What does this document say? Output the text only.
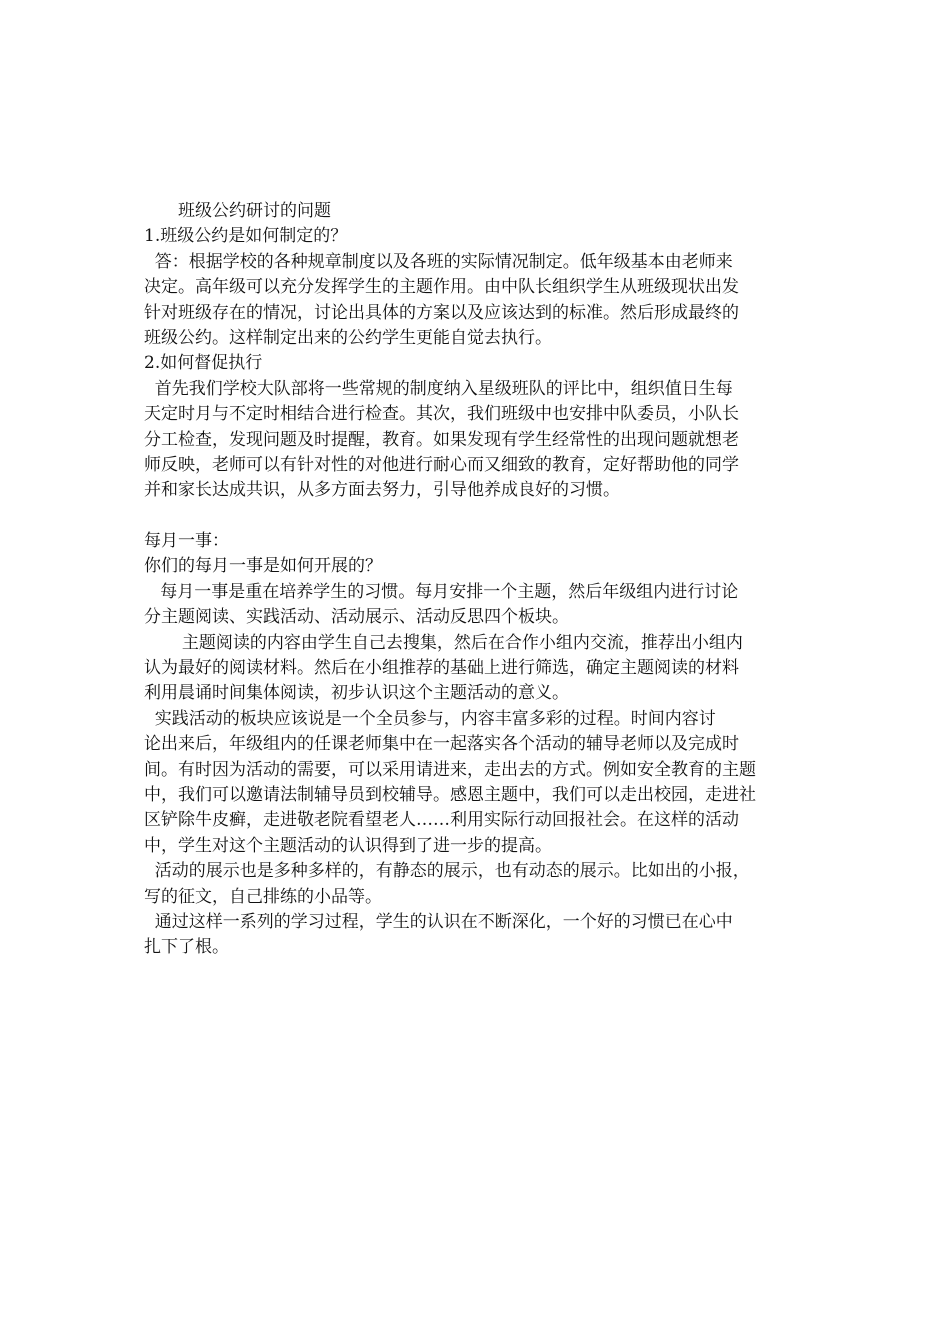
班级公约研讨的问题
1.班级公约是如何制定的？
答：根据学校的各种规章制度以及各班的实际情况制定。低年级基本由老师来
决定。高年级可以充分发挥学生的主题作用。由中队长组织学生从班级现状出发
针对班级存在的情况，讨论出具体的方案以及应该达到的标准。然后形成最终的
班级公约。这样制定出来的公约学生更能自觉去执行。
2.如何督促执行
首先我们学校大队部将一些常规的制度纳入星级班队的评比中，组织值日生每
天定时月与不定时相结合进行检查。其次，我们班级中也安排中队委员，小队长
分工检查，发现问题及时提醒，教育。如果发现有学生经常性的出现问题就想老
师反映，老师可以有针对性的对他进行耐心而又细致的教育，定好帮助他的同学
并和家长达成共识，从多方面去努力，引导他养成良好的习惯。
每月一事：
你们的每月一事是如何开展的？
每月一事是重在培养学生的习惯。每月安排一个主题，然后年级组内进行讨论
分主题阅读、实践活动、活动展示、活动反思四个板块。
主题阅读的内容由学生自己去搜集，然后在合作小组内交流，推荐出小组内
认为最好的阅读材料。然后在小组推荐的基础上进行筛选，确定主题阅读的材料
利用晨诵时间集体阅读，初步认识这个主题活动的意义。
实践活动的板块应该说是一个全员参与，内容丰富多彩的过程。时间内容讨
论出来后，年级组内的任课老师集中在一起落实各个活动的辅导老师以及完成时
间。有时因为活动的需要，可以采用请进来，走出去的方式。例如安全教育的主题
中，我们可以邀请法制辅导员到校辅导。感恩主题中，我们可以走出校园，走进社
区铲除牛皮癣，走进敬老院看望老人……利用实际行动回报社会。在这样的活动
中，学生对这个主题活动的认识得到了进一步的提高。
活动的展示也是多种多样的，有静态的展示，也有动态的展示。比如出的小报，
写的征文，自己排练的小品等。
通过这样一系列的学习过程，学生的认识在不断深化，一个好的习惯已在心中
扎下了根。
